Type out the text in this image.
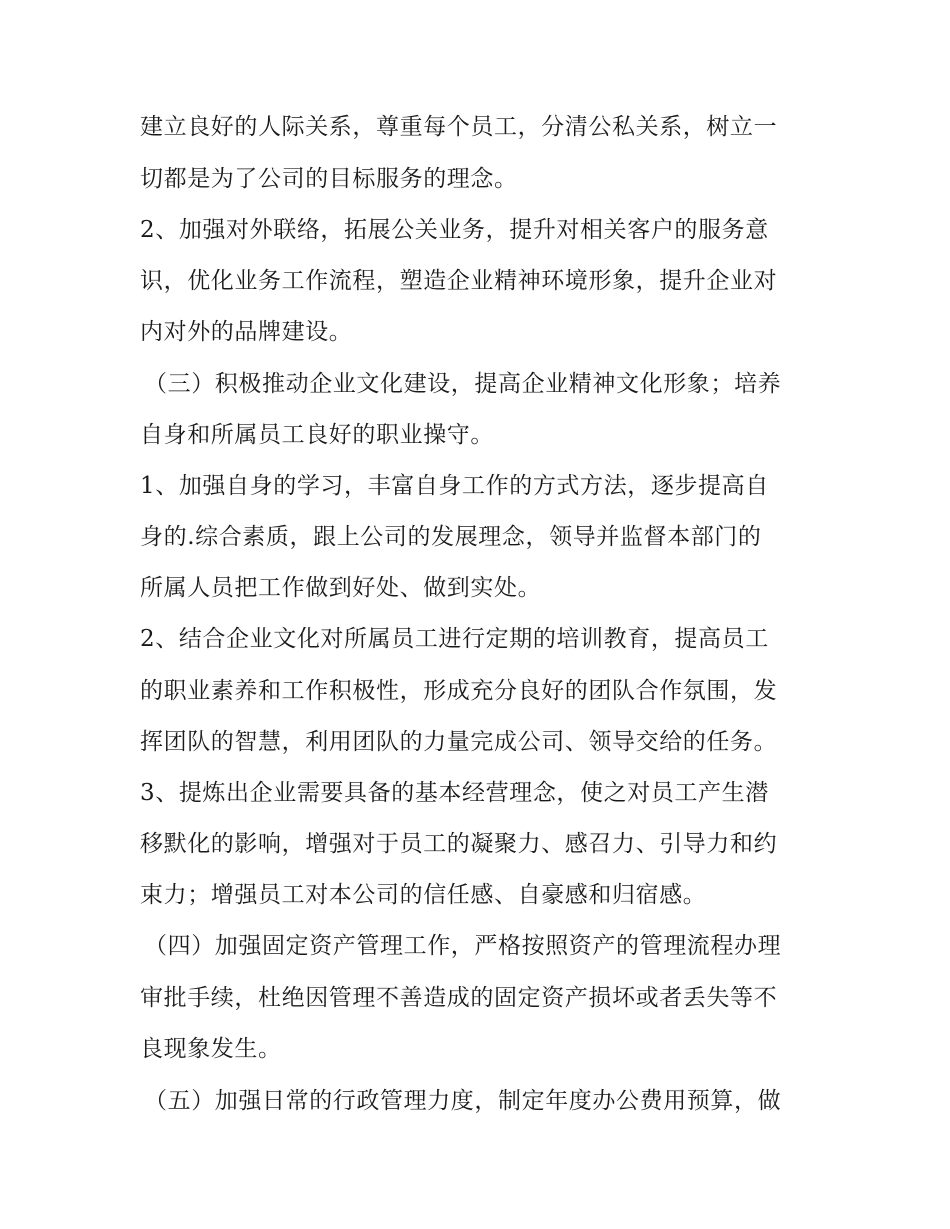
建立良好的人际关系，尊重每个员工，分清公私关系，树立一
切都是为了公司的目标服务的理念。
2、加强对外联络，拓展公关业务，提升对相关客户的服务意
识，优化业务工作流程，塑造企业精神环境形象，提升企业对
内对外的品牌建设。
（三）积极推动企业文化建设，提高企业精神文化形象；培养
自身和所属员工良好的职业操守。
1、加强自身的学习，丰富自身工作的方式方法，逐步提高自
身的.综合素质，跟上公司的发展理念，领导并监督本部门的
所属人员把工作做到好处、做到实处。
2、结合企业文化对所属员工进行定期的培训教育，提高员工
的职业素养和工作积极性，形成充分良好的团队合作氛围，发
挥团队的智慧，利用团队的力量完成公司、领导交给的任务。
3、提炼出企业需要具备的基本经营理念，使之对员工产生潜
移默化的影响，增强对于员工的凝聚力、感召力、引导力和约
束力；增强员工对本公司的信任感、自豪感和归宿感。
（四）加强固定资产管理工作，严格按照资产的管理流程办理
审批手续，杜绝因管理不善造成的固定资产损坏或者丢失等不
良现象发生。
（五）加强日常的行政管理力度，制定年度办公费用预算，做
